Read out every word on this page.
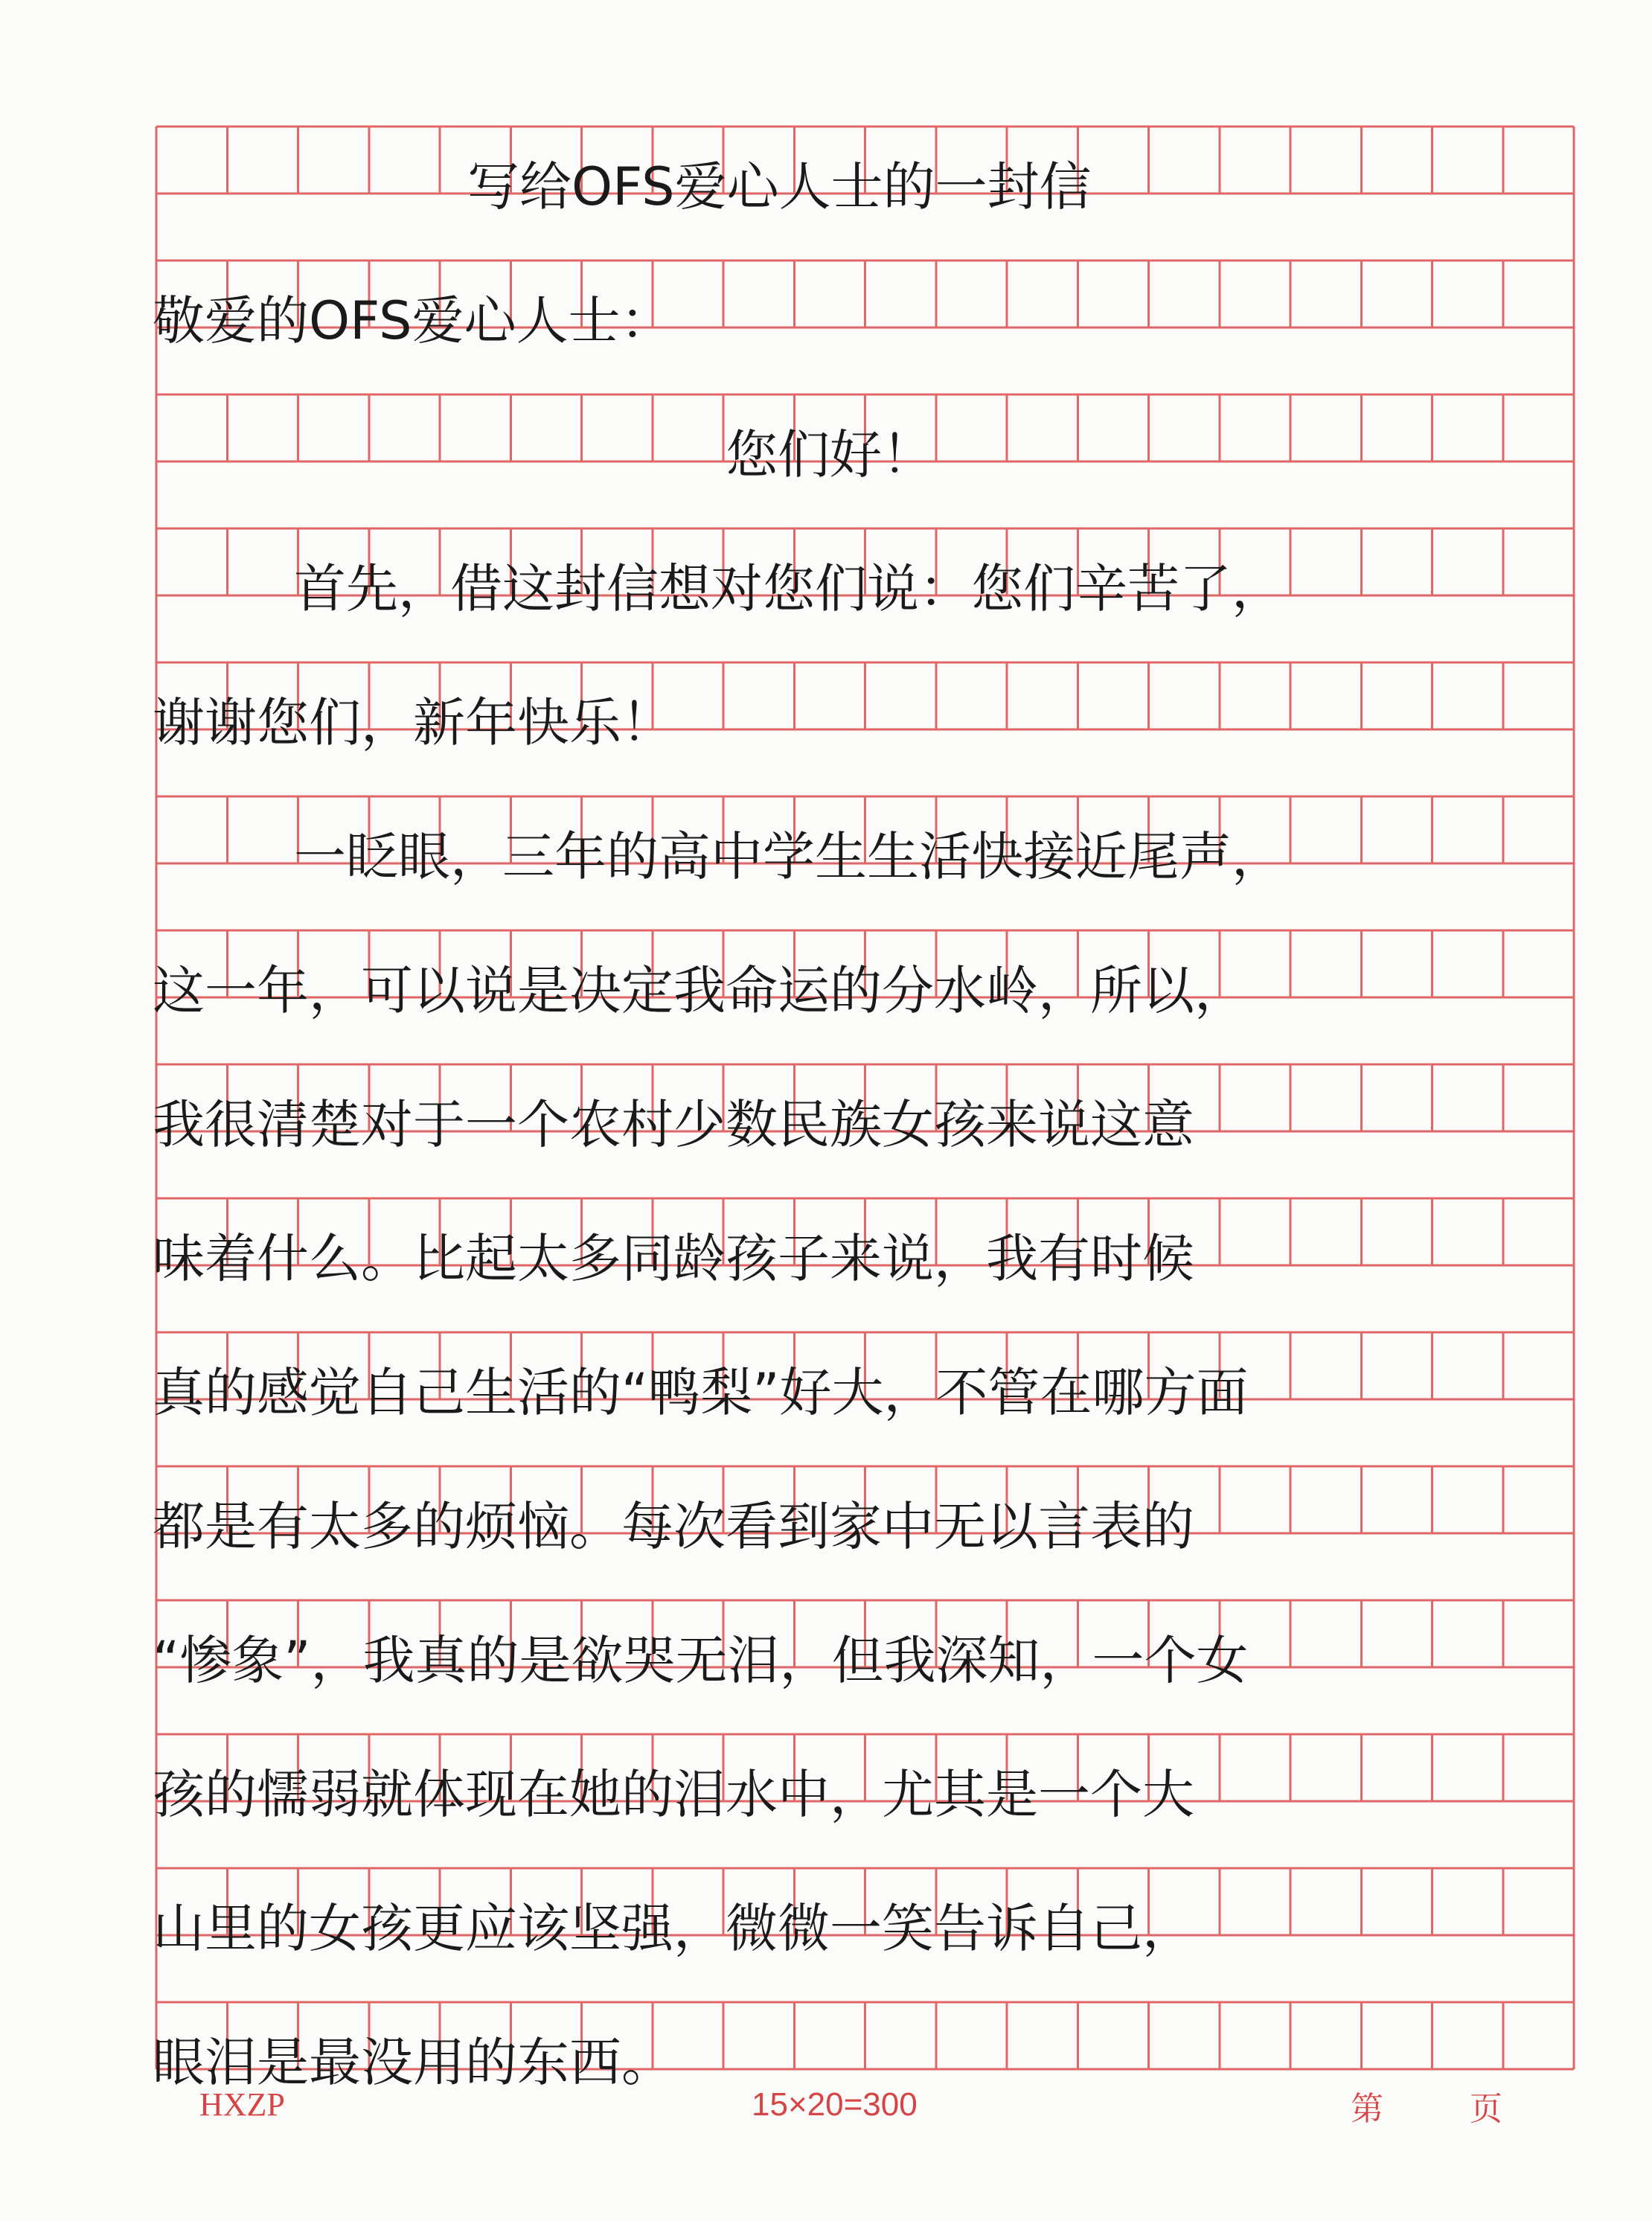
写给OFS爱心人士的一封信
敬爱的OFS爱心人士：
您们好！
首先，借这封信想对您们说：您们辛苦了，
谢谢您们，新年快乐！
一眨眼，三年的高中学生生活快接近尾声，
这一年，可以说是决定我命运的分水岭，所以，
我很清楚对于一个农村少数民族女孩来说这意
味着什么。比起太多同龄孩子来说，我有时候
真的感觉自己生活的“鸭梨”好大，不管在哪方面
都是有太多的烦恼。每次看到家中无以言表的
“惨象”，我真的是欲哭无泪，但我深知，一个女
孩的懦弱就体现在她的泪水中，尤其是一个大
山里的女孩更应该坚强，微微一笑告诉自己，
眼泪是最没用的东西。
HXZP	15×20=300	第	页
